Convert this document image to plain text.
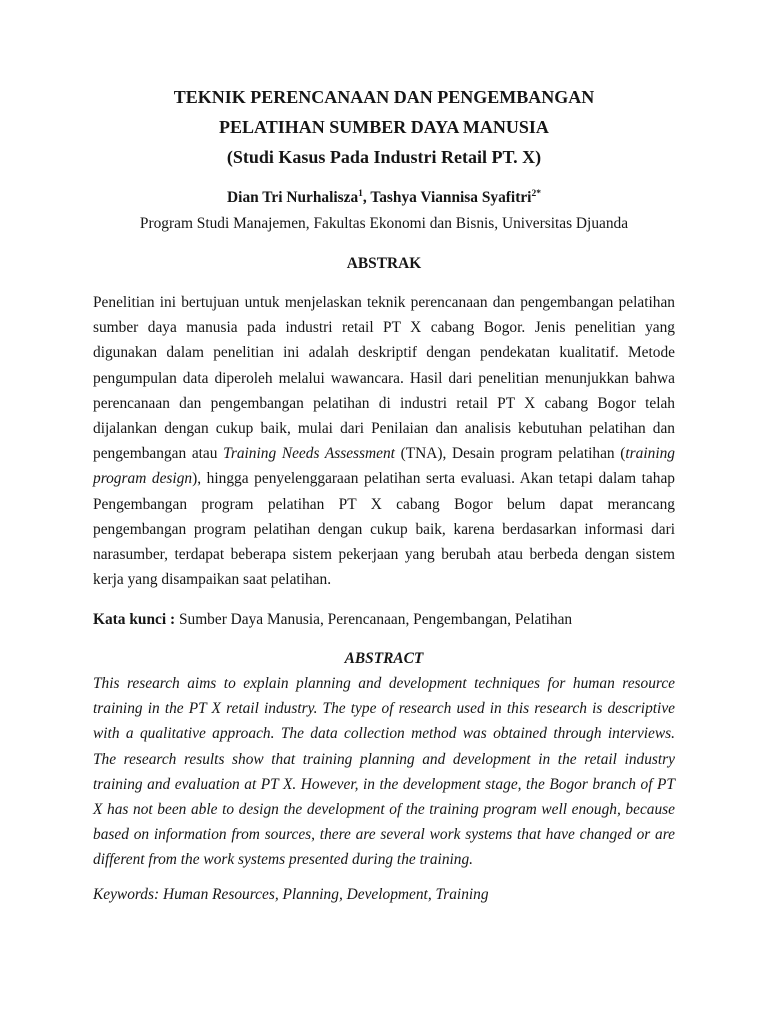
TEKNIK PERENCANAAN DAN PENGEMBANGAN
PELATIHAN SUMBER DAYA MANUSIA
(Studi Kasus Pada Industri Retail PT. X)
Dian Tri Nurhalisza$^1$, Tashya Viannisa Syafitri$^{2*}$
Program Studi Manajemen, Fakultas Ekonomi dan Bisnis, Universitas Djuanda
ABSTRAK
Penelitian ini bertujuan untuk menjelaskan teknik perencanaan dan pengembangan pelatihan
sumber daya manusia pada industri retail PT X cabang Bogor. Jenis penelitian yang
digunakan dalam penelitian ini adalah deskriptif dengan pendekatan kualitatif. Metode
pengumpulan data diperoleh melalui wawancara. Hasil dari penelitian menunjukkan bahwa
perencanaan dan pengembangan pelatihan di industri retail PT X cabang Bogor telah
dijalankan dengan cukup baik, mulai dari Penilaian dan analisis kebutuhan pelatihan dan
pengembangan atau Training Needs Assessment (TNA), Desain program pelatihan (training
program design), hingga penyelenggaraan pelatihan serta evaluasi. Akan tetapi dalam tahap
Pengembangan program pelatihan PT X cabang Bogor belum dapat merancang
pengembangan program pelatihan dengan cukup baik, karena berdasarkan informasi dari
narasumber, terdapat beberapa sistem pekerjaan yang berubah atau berbeda dengan sistem
kerja yang disampaikan saat pelatihan.
Kata kunci : Sumber Daya Manusia, Perencanaan, Pengembangan, Pelatihan
ABSTRACT
This research aims to explain planning and development techniques for human resource
training in the PT X retail industry. The type of research used in this research is descriptive
with a qualitative approach. The data collection method was obtained through interviews.
The research results show that training planning and development in the retail industry
training and evaluation at PT X. However, in the development stage, the Bogor branch of PT
X has not been able to design the development of the training program well enough, because
based on information from sources, there are several work systems that have changed or are
different from the work systems presented during the training.
Keywords: Human Resources, Planning, Development, Training
